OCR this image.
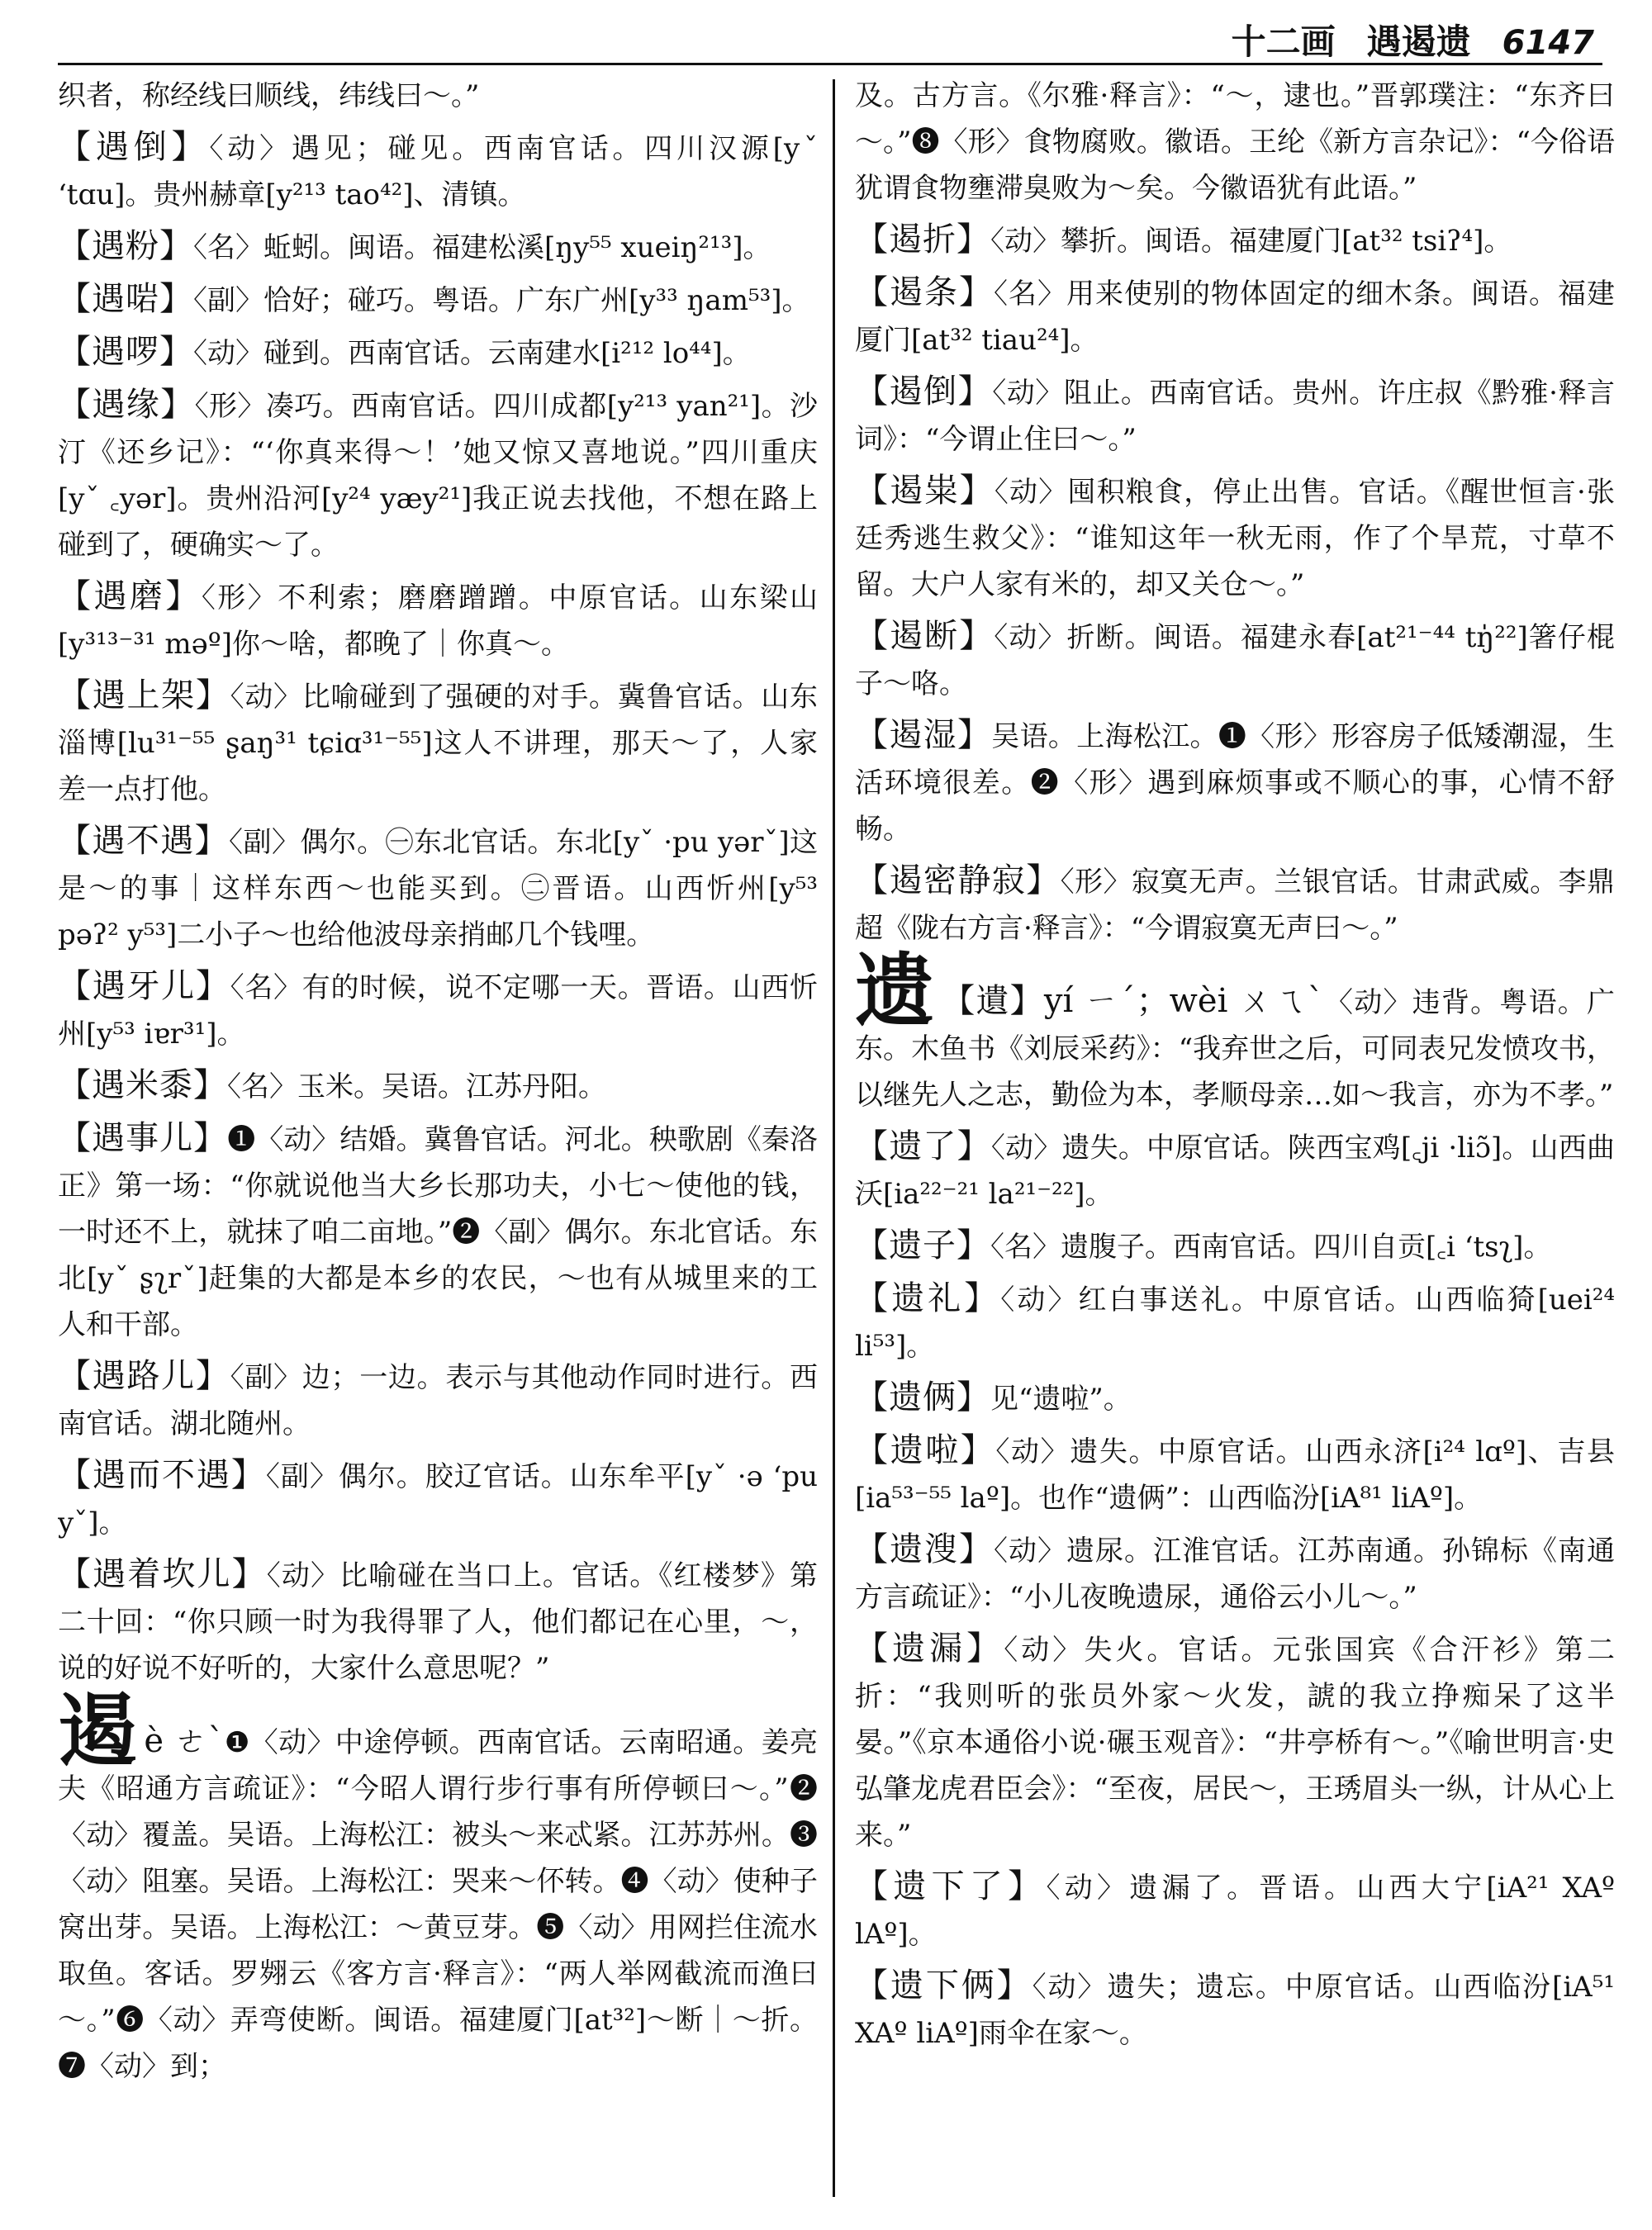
十二画 遇遏遗 6147

织者，称经线曰顺线，纬线曰～。”

【遇倒】〈动〉遇见；碰见。西南官话。四川汉源[yˇ ʻtɑu]。贵州赫章[y²¹³ tao⁴²]、清镇。

【遇粉】〈名〉蚯蚓。闽语。福建松溪[ŋy⁵⁵ xueiŋ²¹³]。

【遇啱】〈副〉恰好；碰巧。粤语。广东广州[y³³ ŋam⁵³]。

【遇啰】〈动〉碰到。西南官话。云南建水[i²¹² lo⁴⁴]。

【遇缘】〈形〉凑巧。西南官话。四川成都[y²¹³ yan²¹]。沙汀《还乡记》：“‘你真来得～！’她又惊又喜地说。”四川重庆[yˇ ꜀yər]。贵州沿河[y²⁴ yæy²¹]我正说去找他，不想在路上碰到了，硬确实～了。

【遇磨】〈形〉不利索；磨磨蹭蹭。中原官话。山东梁山[y³¹³⁻³¹ məº]你～啥，都晚了｜你真～。

【遇上架】〈动〉比喻碰到了强硬的对手。冀鲁官话。山东淄博[lu³¹⁻⁵⁵ ʂaŋ³¹ tɕiɑ³¹⁻⁵⁵]这人不讲理，那天～了，人家差一点打他。

【遇不遇】〈副〉偶尔。㊀东北官话。东北[yˇ ·pu yərˇ]这是～的事｜这样东西～也能买到。㊁晋语。山西忻州[y⁵³ pəʔ² y⁵³]二小子～也给他波母亲捎邮几个钱哩。

【遇牙儿】〈名〉有的时候，说不定哪一天。晋语。山西忻州[y⁵³ iɐr³¹]。

【遇米黍】〈名〉玉米。吴语。江苏丹阳。

【遇事儿】❶〈动〉结婚。冀鲁官话。河北。秧歌剧《秦洛正》第一场：“你就说他当大乡长那功夫，小七～使他的钱，一时还不上，就抹了咱二亩地。”❷〈副〉偶尔。东北官话。东北[yˇ ʂʅrˇ]赶集的大都是本乡的农民，～也有从城里来的工人和干部。

【遇路儿】〈副〉边；一边。表示与其他动作同时进行。西南官话。湖北随州。

【遇而不遇】〈副〉偶尔。胶辽官话。山东牟平[yˇ ·ə ʻpu yˇ]。

【遇着坎儿】〈动〉比喻碰在当口上。官话。《红楼梦》第二十回：“你只顾一时为我得罪了人，他们都记在心里，～，说的好说不好听的，大家什么意思呢？”

遏è ㄜˋ❶〈动〉中途停顿。西南官话。云南昭通。姜亮夫《昭通方言疏证》：“今昭人谓行步行事有所停顿曰～。”❷〈动〉覆盖。吴语。上海松江：被头～来忒紧。江苏苏州。❸〈动〉阻塞。吴语。上海松江：哭来～伓转。❹〈动〉使种子窝出芽。吴语。上海松江：～黄豆芽。❺〈动〉用网拦住流水取鱼。客话。罗翙云《客方言·释言》：“两人举网截流而渔曰～。”❻〈动〉弄弯使断。闽语。福建厦门[at³²]～断｜～折。❼〈动〉到；

及。古方言。《尔雅·释言》：“～，逮也。”晋郭璞注：“东齐曰～。”❽〈形〉食物腐败。徽语。王纶《新方言杂记》：“今俗语犹谓食物壅滞臭败为～矣。今徽语犹有此语。”

【遏折】〈动〉攀折。闽语。福建厦门[at³² tsiʔ⁴]。

【遏条】〈名〉用来使别的物体固定的细木条。闽语。福建厦门[at³² tiau²⁴]。

【遏倒】〈动〉阻止。西南官话。贵州。许庄叔《黔雅·释言词》：“今谓止住曰～。”

【遏粜】〈动〉囤积粮食，停止出售。官话。《醒世恒言·张廷秀逃生救父》：“谁知这年一秋无雨，作了个旱荒，寸草不留。大户人家有米的，却又关仓～。”

【遏断】〈动〉折断。闽语。福建永春[at²¹⁻⁴⁴ tŋ̍²²]箸仔棍子～咯。

【遏湿】吴语。上海松江。❶〈形〉形容房子低矮潮湿，生活环境很差。❷〈形〉遇到麻烦事或不顺心的事，心情不舒畅。

【遏密静寂】〈形〉寂寞无声。兰银官话。甘肃武威。李鼎超《陇右方言·释言》：“今谓寂寞无声曰～。”

遗 【遺】yí ㄧˊ；wèi ㄨㄟˋ〈动〉违背。粤语。广东。木鱼书《刘辰采药》：“我弃世之后，可同表兄发愤攻书，以继先人之志，勤俭为本，孝顺母亲…如～我言，亦为不孝。”

【遗了】〈动〉遗失。中原官话。陕西宝鸡[꜀ji ·liɔ̃]。山西曲沃[ia²²⁻²¹ la²¹⁻²²]。

【遗子】〈名〉遗腹子。西南官话。四川自贡[꜀i ʻtsʅ]。

【遗礼】〈动〉红白事送礼。中原官话。山西临猗[uei²⁴ li⁵³]。

【遗俩】见“遗啦”。

【遗啦】〈动〉遗失。中原官话。山西永济[i²⁴ lɑº]、吉县[ia⁵³⁻⁵⁵ laº]。也作“遗俩”：山西临汾[iA⁸¹ liAº]。

【遗溲】〈动〉遗尿。江淮官话。江苏南通。孙锦标《南通方言疏证》：“小儿夜晚遗尿，通俗云小儿～。”

【遗漏】〈动〉失火。官话。元张国宾《合汗衫》第二折：“我则听的张员外家～火发，諕的我立挣痴呆了这半晏。”《京本通俗小说·碾玉观音》：“井亭桥有～。”《喻世明言·史弘肇龙虎君臣会》：“至夜，居民～，王琇眉头一纵，计从心上来。”

【遗下了】〈动〉遗漏了。晋语。山西大宁[iA²¹ XAº lAº]。

【遗下俩】〈动〉遗失；遗忘。中原官话。山西临汾[iA⁵¹ XAº liAº]雨伞在家～。
